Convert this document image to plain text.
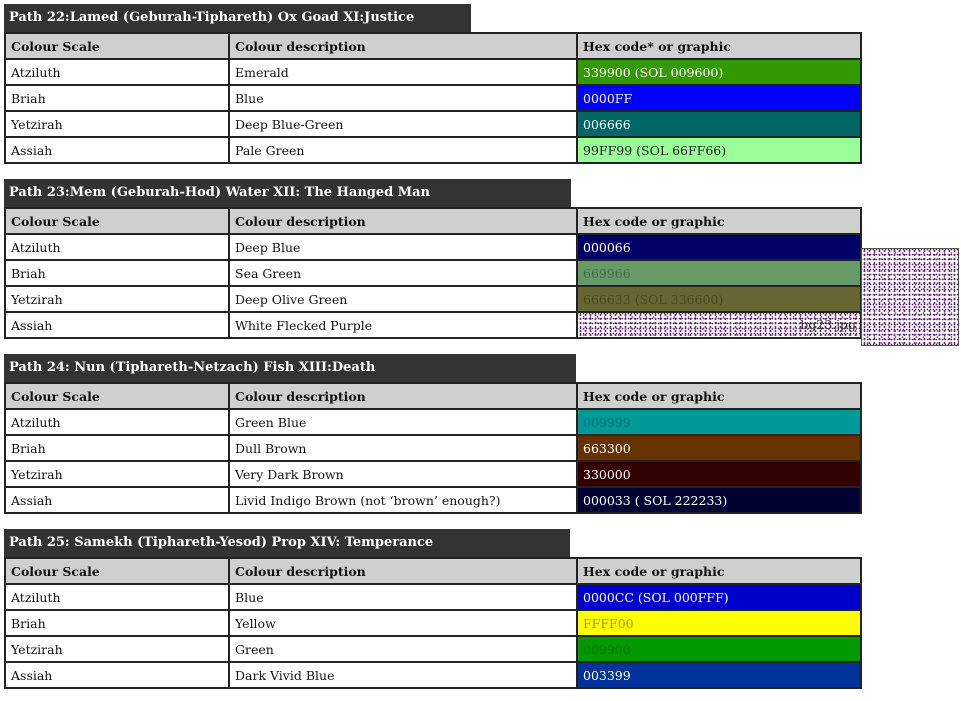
Path 22:Lamed (Geburah-Tiphareth) Ox Goad XI:Justice
Colour Scale	Colour description	Hex code* or graphic
Atziluth	Emerald	339900 (SOL 009600)
Briah	Blue	0000FF
Yetzirah	Deep Blue-Green	006666
Assiah	Pale Green	99FF99 (SOL 66FF66)
Path 23:Mem (Geburah-Hod) Water XII: The Hanged Man
Colour Scale	Colour description	Hex code or graphic
Atziluth	Deep Blue	000066
Briah	Sea Green	669966
Yetzirah	Deep Olive Green	666633 (SOL 336600)
Assiah	White Flecked Purple	bg23.jpg
Path 24: Nun (Tiphareth-Netzach) Fish XIII:Death
Colour Scale	Colour description	Hex code or graphic
Atziluth	Green Blue	009999
Briah	Dull Brown	663300
Yetzirah	Very Dark Brown	330000
Assiah	Livid Indigo Brown (not ‘brown’ enough?)	000033 ( SOL 222233)
Path 25: Samekh (Tiphareth-Yesod) Prop XIV: Temperance
Colour Scale	Colour description	Hex code or graphic
Atziluth	Blue	0000CC (SOL 000FFF)
Briah	Yellow	FFFF00
Yetzirah	Green	009900
Assiah	Dark Vivid Blue	003399
